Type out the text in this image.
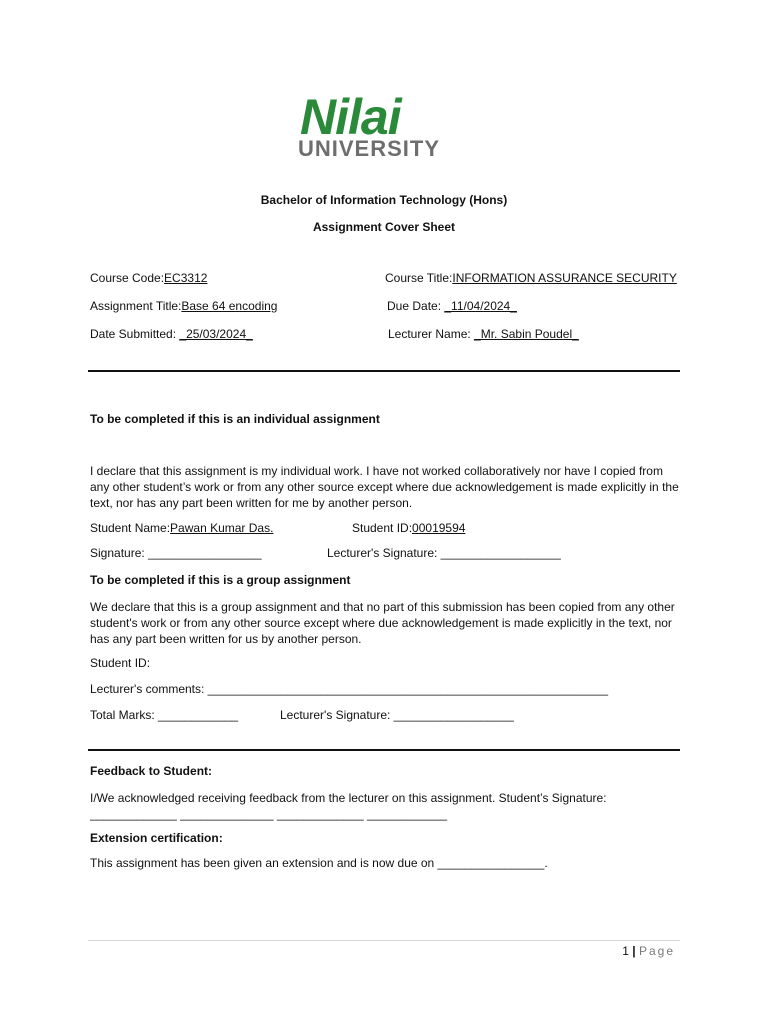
Nilai
UNIVERSITY
Bachelor of Information Technology (Hons)
Assignment Cover Sheet
Course Code:EC3312	Course Title:INFORMATION ASSURANCE SECURITY
Assignment Title:Base 64 encoding	Due Date: _11/04/2024_
Date Submitted: _25/03/2024_	Lecturer Name: _Mr. Sabin Poudel_
To be completed if this is an individual assignment
I declare that this assignment is my individual work. I have not worked collaboratively nor have I copied from any other student’s work or from any other source except where due acknowledgement is made explicitly in the text, nor has any part been written for me by another person.
Student Name:Pawan Kumar Das.	Student ID:00019594
Signature: _________________	Lecturer's Signature: __________________
To be completed if this is a group assignment
We declare that this is a group assignment and that no part of this submission has been copied from any other student's work or from any other source except where due acknowledgement is made explicitly in the text, nor has any part been written for us by another person.
Student ID:
Lecturer's comments: ____________________________________________________________
Total Marks: ____________	Lecturer's Signature: __________________
Feedback to Student:
I/We acknowledged receiving feedback from the lecturer on this assignment. Student’s Signature: _____________ ______________ _____________ ____________
Extension certification:
This assignment has been given an extension and is now due on ________________.
1 | Page
